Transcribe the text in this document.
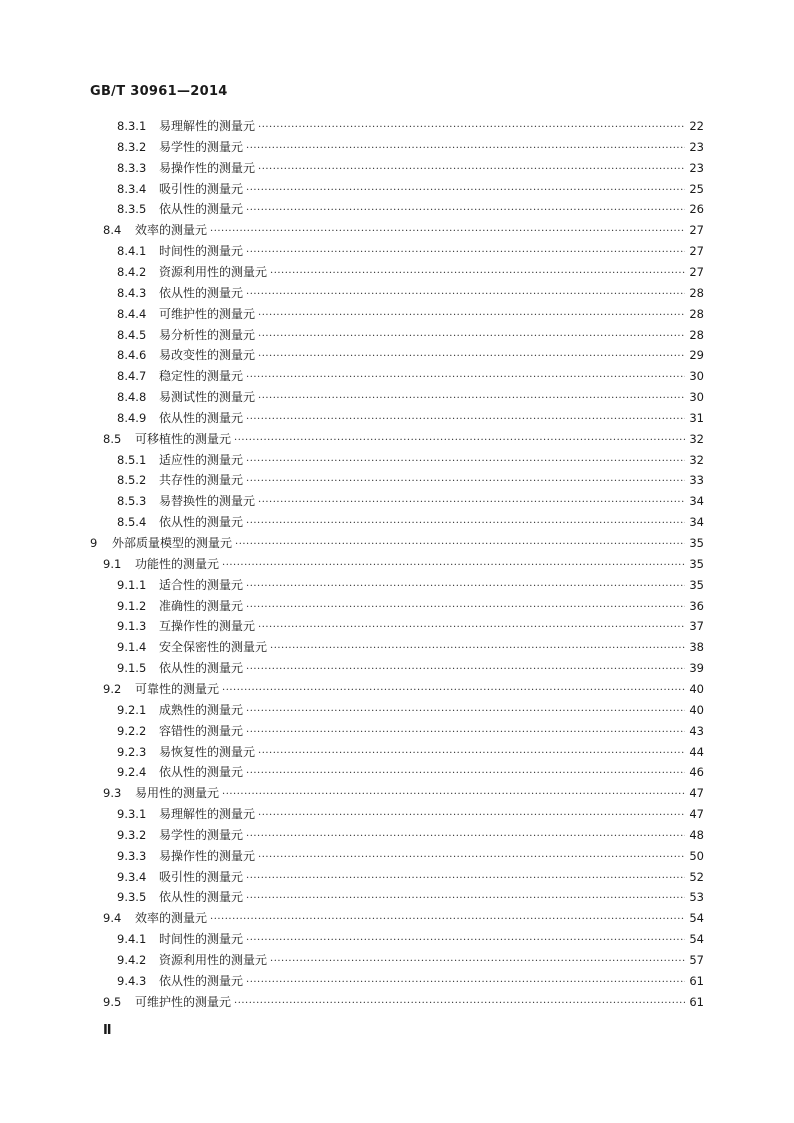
GB/T 30961—2014
8.3.1	易理解性的测量元 ·····	22
8.3.2	易学性的测量元 ·····	23
8.3.3	易操作性的测量元 ·····	23
8.3.4	吸引性的测量元 ·····	25
8.3.5	依从性的测量元 ·····	26
8.4	效率的测量元 ·····	27
8.4.1	时间性的测量元 ·····	27
8.4.2	资源利用性的测量元 ·····	27
8.4.3	依从性的测量元 ·····	28
8.4.4	可维护性的测量元 ·····	28
8.4.5	易分析性的测量元 ·····	28
8.4.6	易改变性的测量元 ·····	29
8.4.7	稳定性的测量元 ·····	30
8.4.8	易测试性的测量元 ·····	30
8.4.9	依从性的测量元 ·····	31
8.5	可移植性的测量元 ·····	32
8.5.1	适应性的测量元 ·····	32
8.5.2	共存性的测量元 ·····	33
8.5.3	易替换性的测量元 ·····	34
8.5.4	依从性的测量元 ·····	34
9	外部质量模型的测量元 ·····	35
9.1	功能性的测量元 ·····	35
9.1.1	适合性的测量元 ·····	35
9.1.2	准确性的测量元 ·····	36
9.1.3	互操作性的测量元 ·····	37
9.1.4	安全保密性的测量元 ·····	38
9.1.5	依从性的测量元 ·····	39
9.2	可靠性的测量元 ·····	40
9.2.1	成熟性的测量元 ·····	40
9.2.2	容错性的测量元 ·····	43
9.2.3	易恢复性的测量元 ·····	44
9.2.4	依从性的测量元 ·····	46
9.3	易用性的测量元 ·····	47
9.3.1	易理解性的测量元 ·····	47
9.3.2	易学性的测量元 ·····	48
9.3.3	易操作性的测量元 ·····	50
9.3.4	吸引性的测量元 ·····	52
9.3.5	依从性的测量元 ·····	53
9.4	效率的测量元 ·····	54
9.4.1	时间性的测量元 ·····	54
9.4.2	资源利用性的测量元 ·····	57
9.4.3	依从性的测量元 ·····	61
9.5	可维护性的测量元 ·····	61
Ⅱ
